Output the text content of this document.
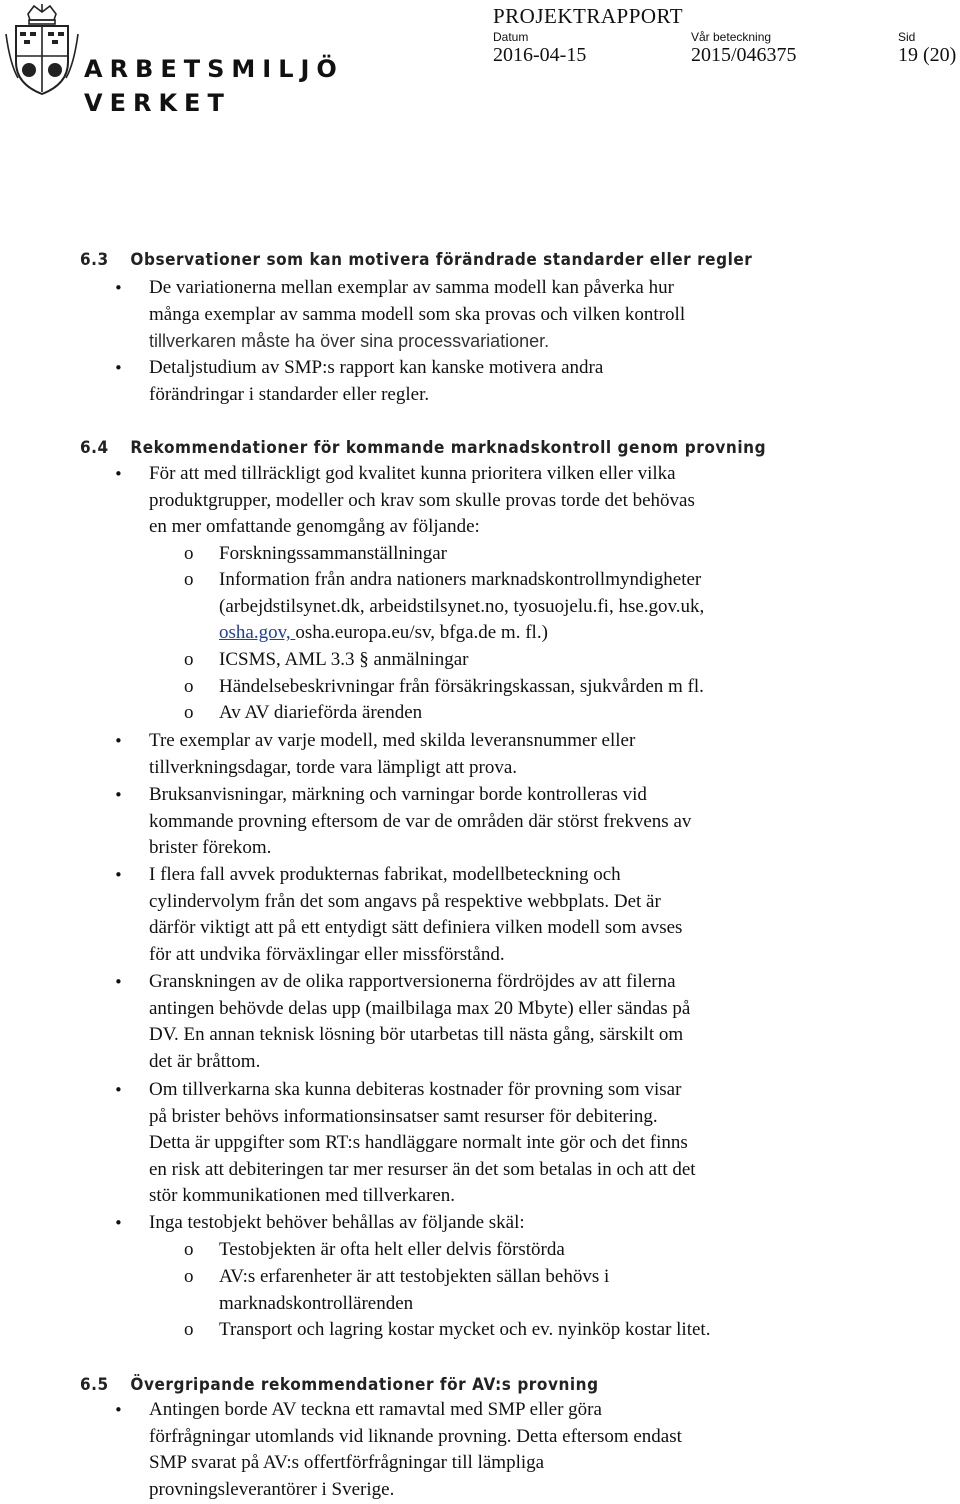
ARBETSMILJÖ
VERKET
PROJEKTRAPPORT
Datum	Vår beteckning	Sid
2016-04-15	2015/046375	19 (20)
6.3 Observationer som kan motivera förändrade standarder eller regler
• De variationerna mellan exemplar av samma modell kan påverka hur
många exemplar av samma modell som ska provas och vilken kontroll
tillverkaren måste ha över sina processvariationer.
• Detaljstudium av SMP:s rapport kan kanske motivera andra
förändringar i standarder eller regler.
6.4 Rekommendationer för kommande marknadskontroll genom provning
• För att med tillräckligt god kvalitet kunna prioritera vilken eller vilka
produktgrupper, modeller och krav som skulle provas torde det behövas
en mer omfattande genomgång av följande:
o Forskningssammanställningar
o Information från andra nationers marknadskontrollmyndigheter
(arbejdstilsynet.dk, arbeidstilsynet.no, tyosuojelu.fi, hse.gov.uk,
osha.gov, osha.europa.eu/sv, bfga.de m. fl.)
o ICSMS, AML 3.3 § anmälningar
o Händelsebeskrivningar från försäkringskassan, sjukvården m fl.
o Av AV diarieförda ärenden
• Tre exemplar av varje modell, med skilda leveransnummer eller
tillverkningsdagar, torde vara lämpligt att prova.
• Bruksanvisningar, märkning och varningar borde kontrolleras vid
kommande provning eftersom de var de områden där störst frekvens av
brister förekom.
• I flera fall avvek produkternas fabrikat, modellbeteckning och
cylindervolym från det som angavs på respektive webbplats. Det är
därför viktigt att på ett entydigt sätt definiera vilken modell som avses
för att undvika förväxlingar eller missförstånd.
• Granskningen av de olika rapportversionerna fördröjdes av att filerna
antingen behövde delas upp (mailbilaga max 20 Mbyte) eller sändas på
DV. En annan teknisk lösning bör utarbetas till nästa gång, särskilt om
det är bråttom.
• Om tillverkarna ska kunna debiteras kostnader för provning som visar
på brister behövs informationsinsatser samt resurser för debitering.
Detta är uppgifter som RT:s handläggare normalt inte gör och det finns
en risk att debiteringen tar mer resurser än det som betalas in och att det
stör kommunikationen med tillverkaren.
• Inga testobjekt behöver behållas av följande skäl:
o Testobjekten är ofta helt eller delvis förstörda
o AV:s erfarenheter är att testobjekten sällan behövs i
marknadskontrollärenden
o Transport och lagring kostar mycket och ev. nyinköp kostar litet.
6.5 Övergripande rekommendationer för AV:s provning
• Antingen borde AV teckna ett ramavtal med SMP eller göra
förfrågningar utomlands vid liknande provning. Detta eftersom endast
SMP svarat på AV:s offertförfrågningar till lämpliga
provningsleverantörer i Sverige.
